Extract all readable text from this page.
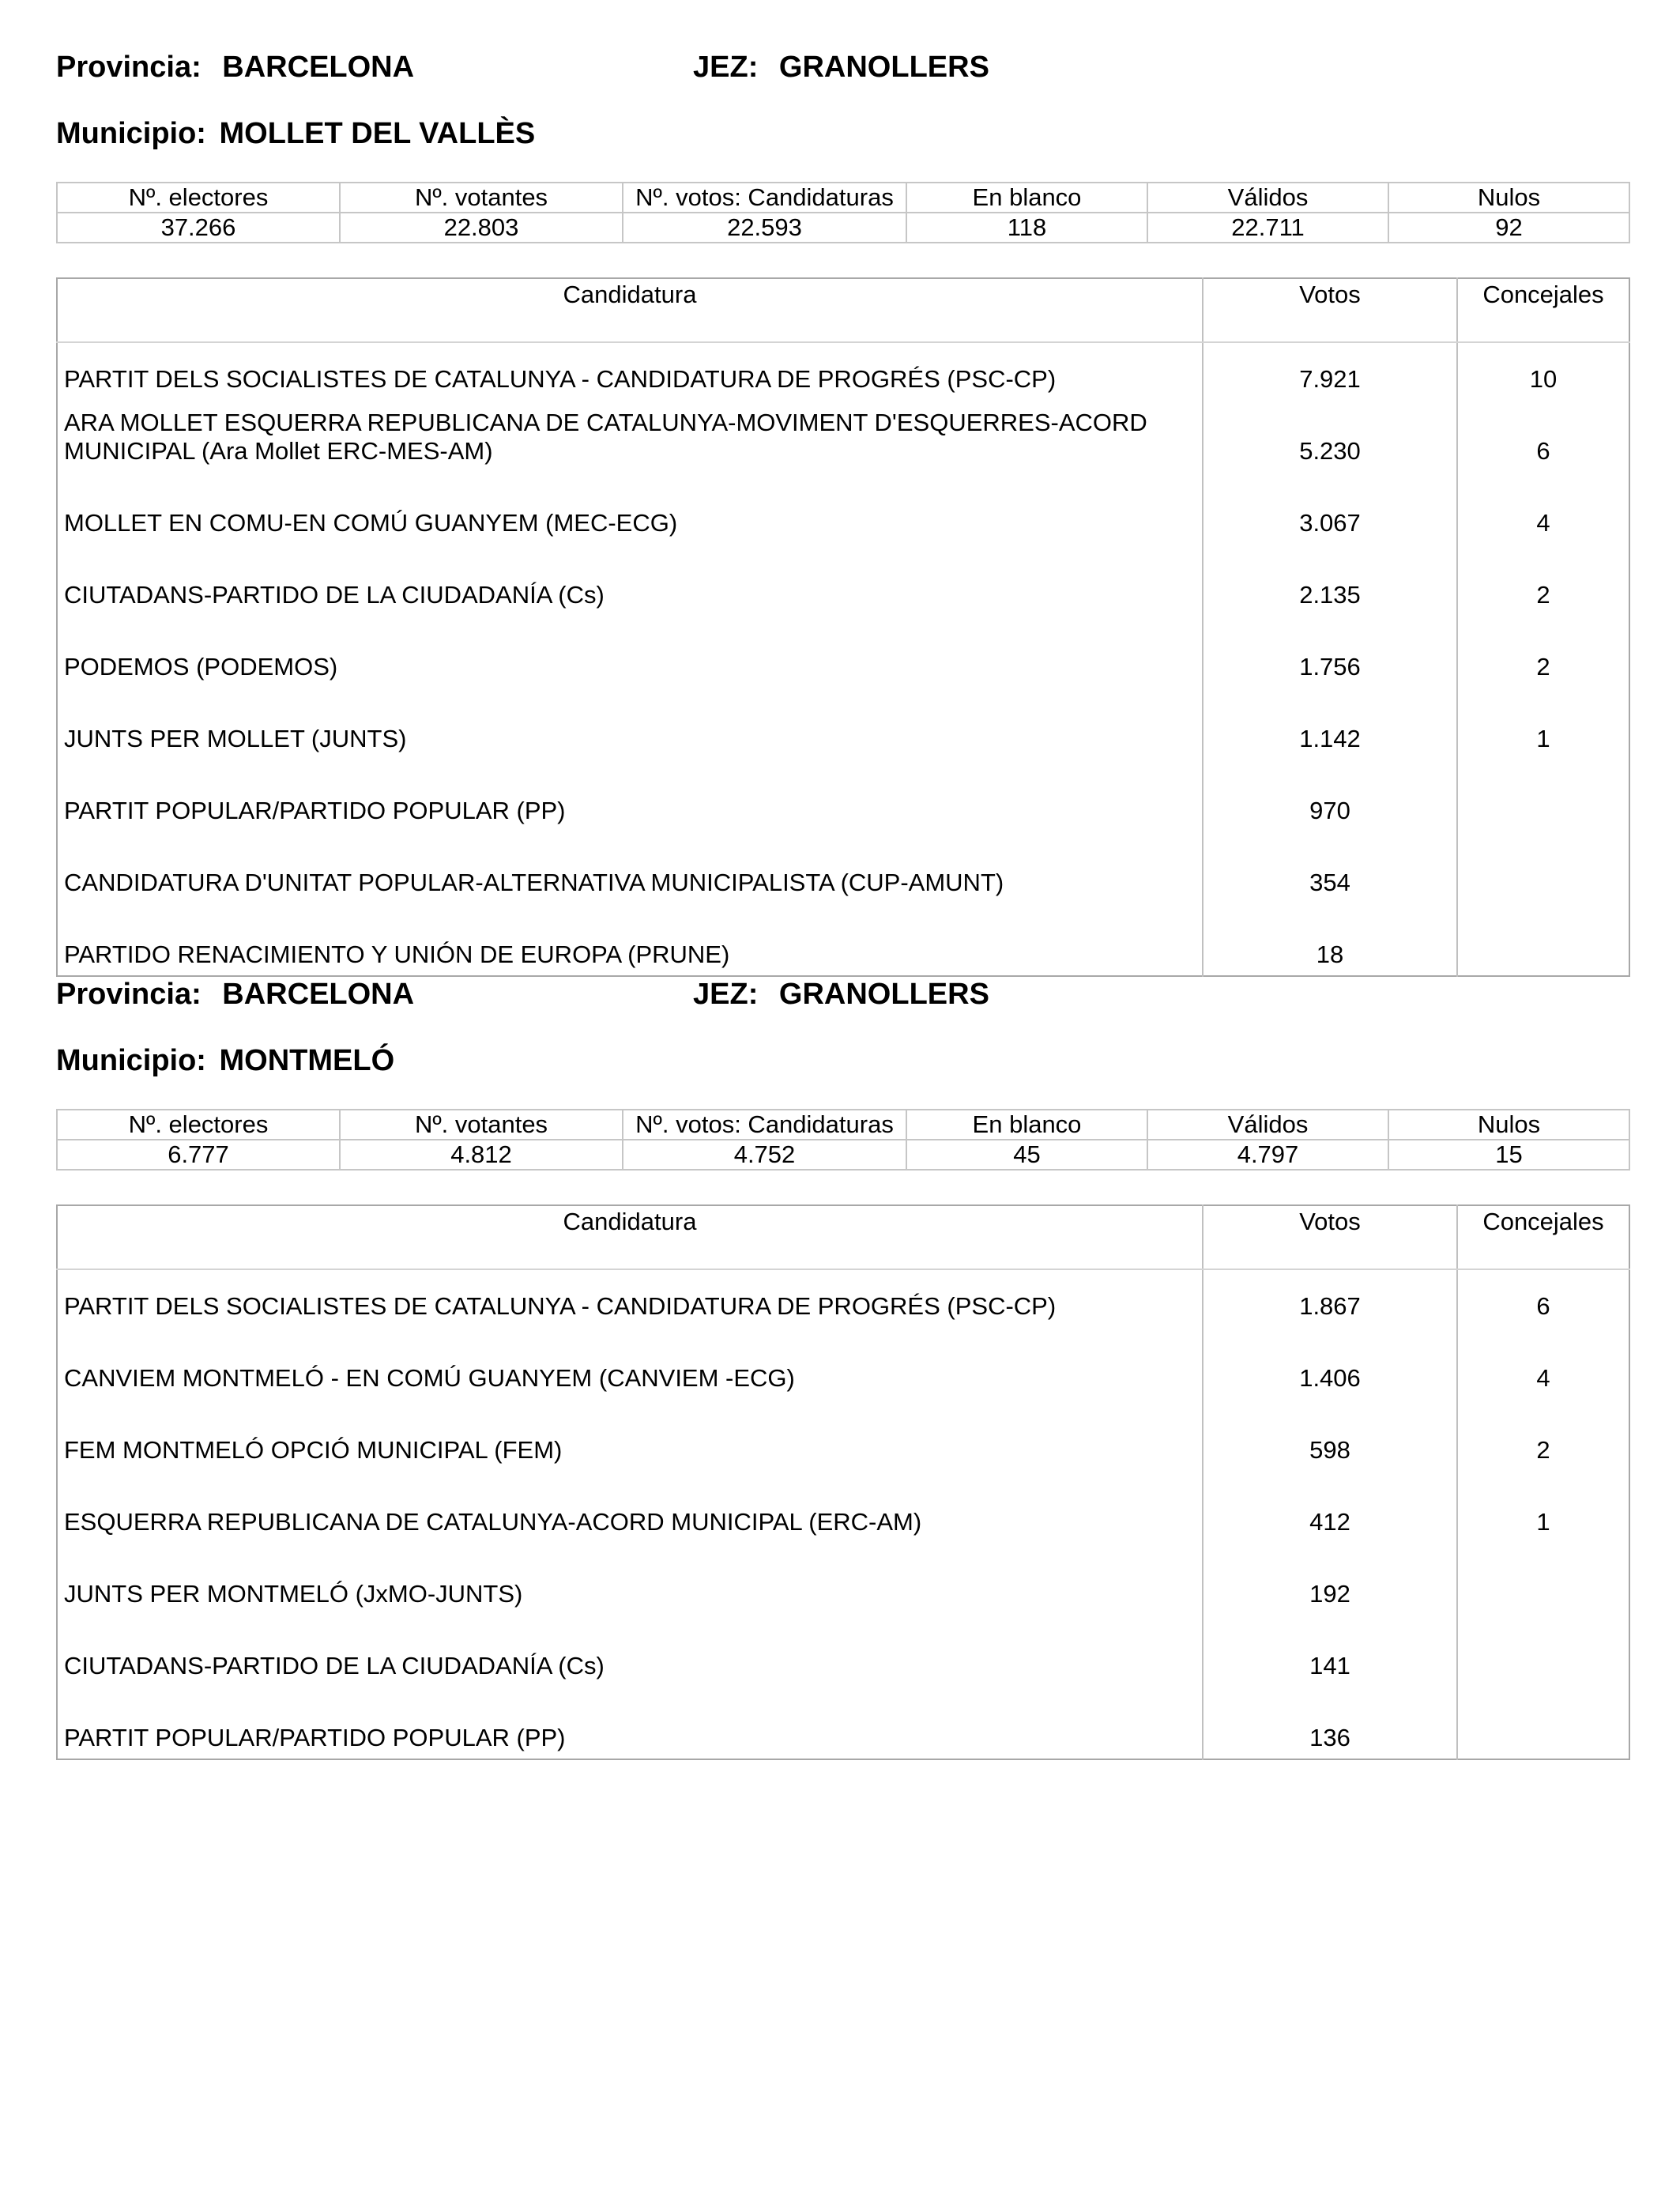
Provincia: BARCELONA	JEZ: GRANOLLERS
Municipio: MOLLET DEL VALLÈS
Nº. electores	Nº. votantes	Nº. votos: Candidaturas	En blanco	Válidos	Nulos
37.266	22.803	22.593	118	22.711	92
Candidatura	Votos	Concejales
PARTIT DELS SOCIALISTES DE CATALUNYA - CANDIDATURA DE PROGRÉS (PSC-CP)	7.921	10
ARA MOLLET ESQUERRA REPUBLICANA DE CATALUNYA-MOVIMENT D'ESQUERRES-ACORD MUNICIPAL (Ara Mollet ERC-MES-AM)	5.230	6
MOLLET EN COMU-EN COMÚ GUANYEM (MEC-ECG)	3.067	4
CIUTADANS-PARTIDO DE LA CIUDADANÍA (Cs)	2.135	2
PODEMOS (PODEMOS)	1.756	2
JUNTS PER MOLLET (JUNTS)	1.142	1
PARTIT POPULAR/PARTIDO POPULAR (PP)	970	
CANDIDATURA D'UNITAT POPULAR-ALTERNATIVA MUNICIPALISTA (CUP-AMUNT)	354	
PARTIDO RENACIMIENTO Y UNIÓN DE EUROPA (PRUNE)	18	
Provincia: BARCELONA	JEZ: GRANOLLERS
Municipio: MONTMELÓ
Nº. electores	Nº. votantes	Nº. votos: Candidaturas	En blanco	Válidos	Nulos
6.777	4.812	4.752	45	4.797	15
Candidatura	Votos	Concejales
PARTIT DELS SOCIALISTES DE CATALUNYA - CANDIDATURA DE PROGRÉS (PSC-CP)	1.867	6
CANVIEM MONTMELÓ - EN COMÚ GUANYEM (CANVIEM -ECG)	1.406	4
FEM MONTMELÓ OPCIÓ MUNICIPAL (FEM)	598	2
ESQUERRA REPUBLICANA DE CATALUNYA-ACORD MUNICIPAL (ERC-AM)	412	1
JUNTS PER MONTMELÓ (JxMO-JUNTS)	192	
CIUTADANS-PARTIDO DE LA CIUDADANÍA (Cs)	141	
PARTIT POPULAR/PARTIDO POPULAR (PP)	136	
